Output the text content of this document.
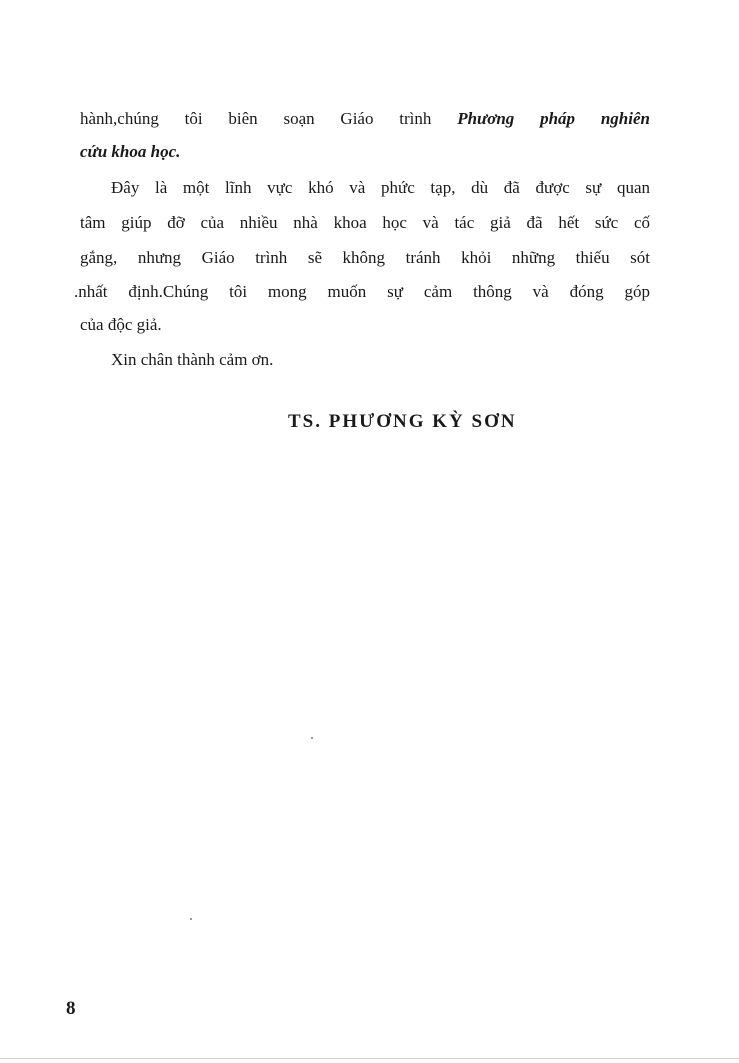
hành,chúng tôi biên soạn Giáo trình Phương pháp nghiên
cứu khoa học.
Đây là một lĩnh vực khó và phức tạp, dù đã được sự quan
tâm giúp đỡ của nhiều nhà khoa học và tác giả đã hết sức cố
gắng, nhưng Giáo trình sẽ không tránh khỏi những thiếu sót
.nhất định.Chúng tôi mong muốn sự cảm thông và đóng góp
của độc giả.
Xin chân thành cảm ơn.
TS. PHƯƠNG KỲ SƠN
8
